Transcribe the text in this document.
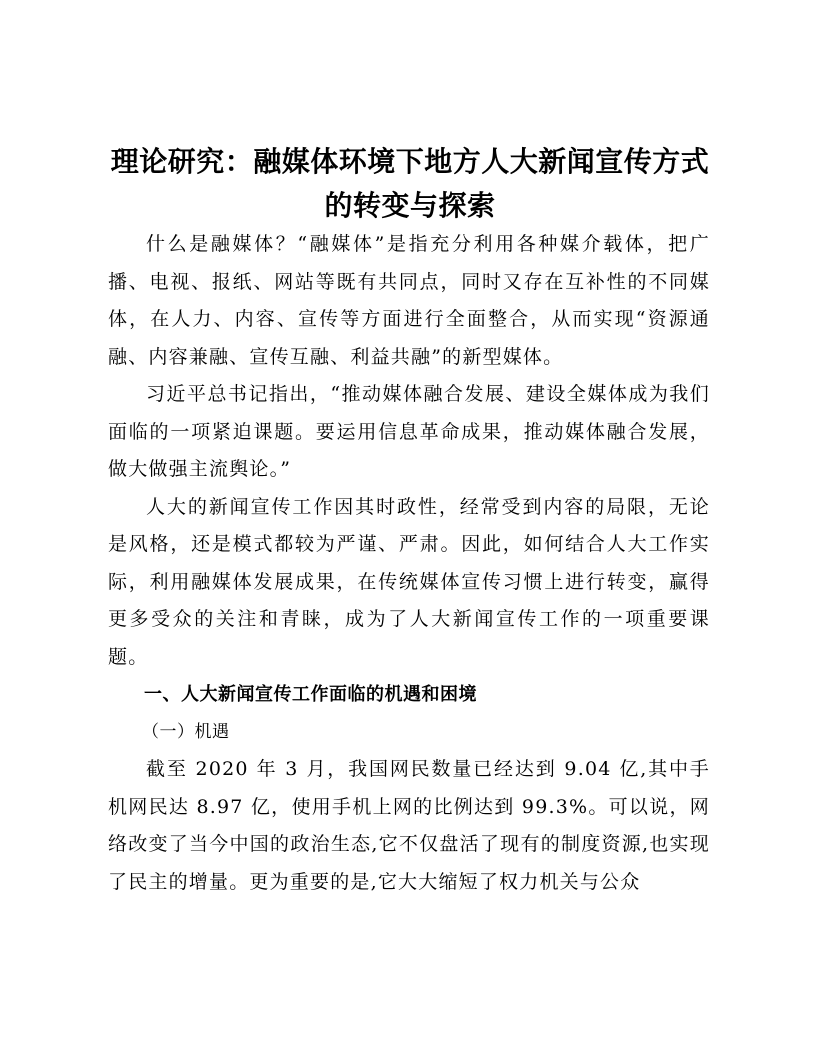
理论研究：融媒体环境下地方人大新闻宣传方式的转变与探索

什么是融媒体？“融媒体”是指充分利用各种媒介载体，把广播、电视、报纸、网站等既有共同点，同时又存在互补性的不同媒体，在人力、内容、宣传等方面进行全面整合，从而实现“资源通融、内容兼融、宣传互融、利益共融”的新型媒体。

习近平总书记指出，“推动媒体融合发展、建设全媒体成为我们面临的一项紧迫课题。要运用信息革命成果，推动媒体融合发展，做大做强主流舆论。”

人大的新闻宣传工作因其时政性，经常受到内容的局限，无论是风格，还是模式都较为严谨、严肃。因此，如何结合人大工作实际，利用融媒体发展成果，在传统媒体宣传习惯上进行转变，赢得更多受众的关注和青睐，成为了人大新闻宣传工作的一项重要课题。

一、人大新闻宣传工作面临的机遇和困境

（一）机遇

截至 2020 年 3 月，我国网民数量已经达到 9.04 亿,其中手机网民达 8.97 亿，使用手机上网的比例达到 99.3%。可以说，网络改变了当今中国的政治生态,它不仅盘活了现有的制度资源,也实现了民主的增量。更为重要的是,它大大缩短了权力机关与公众
